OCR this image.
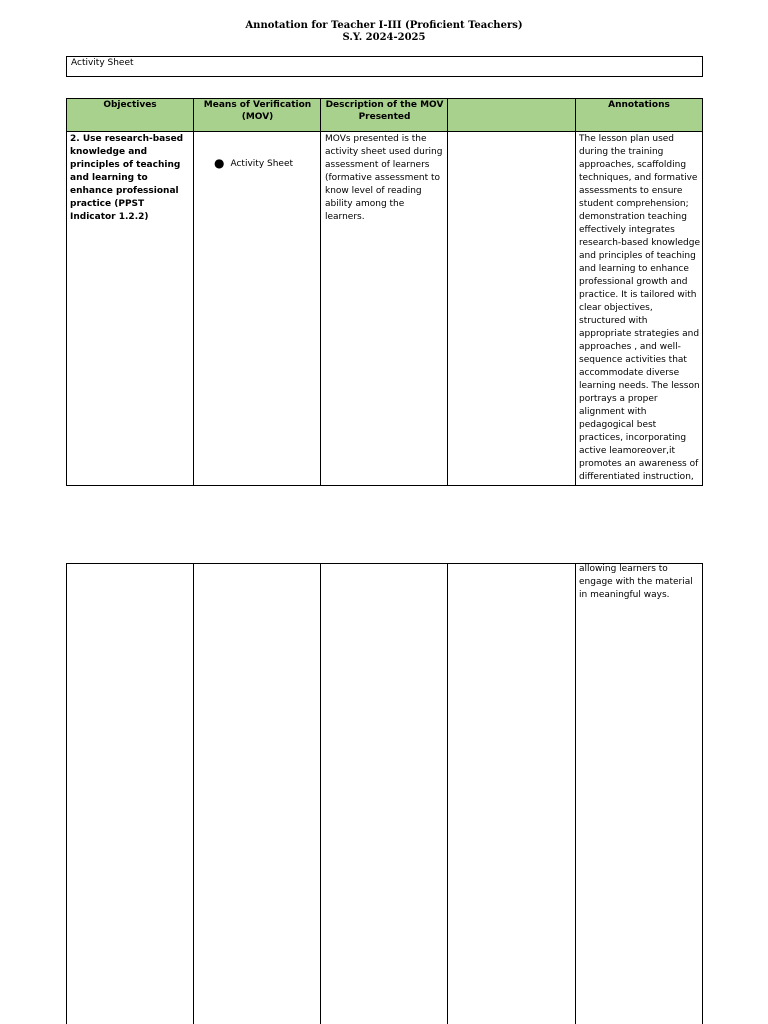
Annotation for Teacher I-III (Proficient Teachers)
S.Y. 2024-2025
Activity Sheet
Objectives	Means of Verification (MOV)
Description of the MOV Presented
Annotations
2. Use research-based knowledge and principles of teaching and learning to enhance professional practice (PPST Indicator 1.2.2)
● Activity Sheet
MOVs presented is the activity sheet used during assessment of learners (formative assessment to know level of reading ability among the learners.
The lesson plan used during the training approaches, scaffolding techniques, and formative assessments to ensure student comprehension; demonstration teaching effectively integrates research-based knowledge and principles of teaching and learning to enhance professional growth and practice. It is tailored with clear objectives, structured with appropriate strategies and approaches , and well-sequence activities that accommodate diverse learning needs. The lesson portrays a proper alignment with pedagogical best practices, incorporating active leamoreover,it promotes an awareness of differentiated instruction,
allowing learners to engage with the material in meaningful ways.
